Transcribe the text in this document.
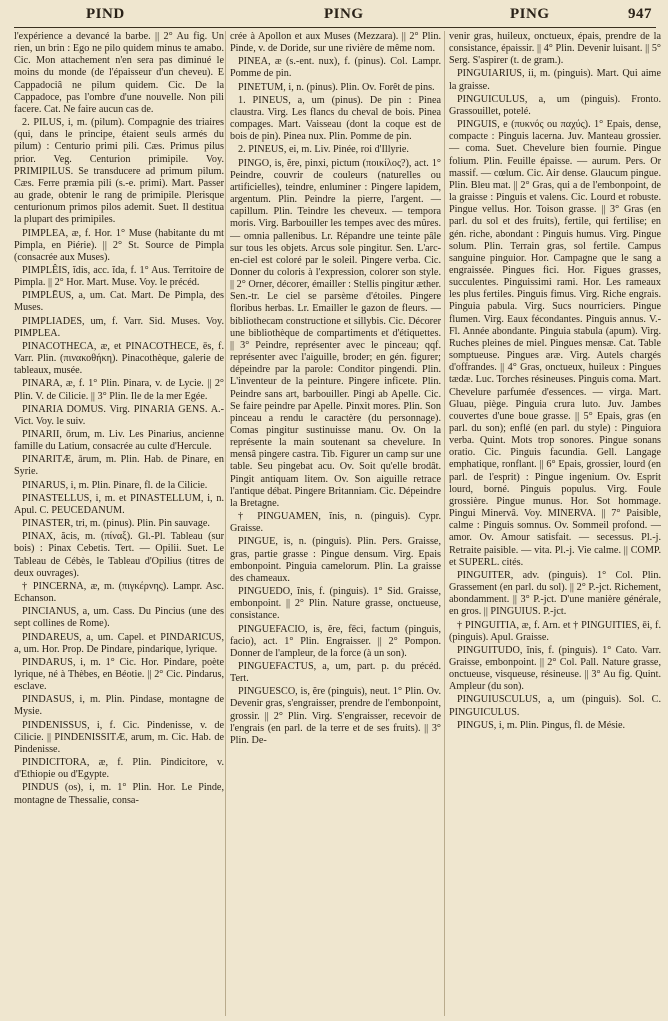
PIND	PING	PING	947

l'expérience a devancé la barbe. || 2° Au fig. Un rien, un brin : Ego ne pilo quidem minus te amabo. Cic. Mon attachement n'en sera pas diminué le moins du monde (de l'épaisseur d'un cheveu). E Cappadociâ ne pilum quidem. Cic. De la Cappadoce, pas l'ombre d'une nouvelle. Non pili facere. Cat. Ne faire aucun cas de.

2. PILUS, i, m. (pilum). Compagnie des triaires (qui, dans le principe, étaient seuls armés du pilum) : Centurio primi pili. Cæs. Primus pilus prior. Veg. Centurion primipile. Voy. PRIMIPILUS. Se transducere ad primum pilum. Cæs. Ferre præmia pili (s.-e. primi). Mart. Passer au grade, obtenir le rang de primipile. Plerisque centurionum primos pilos ademit. Suet. Il destitua la plupart des primipiles.

PIMPLEA, æ, f. Hor. 1° Muse (habitante du mt Pimpla, en Piérie). || 2° St. Source de Pimpla (consacrée aux Muses).

PIMPLÊIS, ĭdis, acc. ĭda, f. 1° Aus. Territoire de Pimpla. || 2° Hor. Mart. Muse. Voy. le précéd.

PIMPLĒUS, a, um. Cat. Mart. De Pimpla, des Muses.

PIMPLIADES, um, f. Varr. Sid. Muses. Voy. PIMPLEA.

PINACOTHECA, æ, et PINACOTHECE, ēs, f. Varr. Plin. (πινακοθήκη). Pinacothèque, galerie de tableaux, musée.

PINARA, æ, f. 1° Plin. Pinara, v. de Lycie. || 2° Plin. V. de Cilicie. || 3° Plin. Ile de la mer Egée.

PINARIA DOMUS. Virg. PINARIA GENS. A.-Vict. Voy. le suiv.

PINARII, ōrum, m. Liv. Les Pinarius, ancienne famille du Latium, consacrée au culte d'Hercule.

PINARITÆ, ārum, m. Plin. Hab. de Pinare, en Syrie.

PINARUS, i, m. Plin. Pinare, fl. de la Cilicie.

PINASTELLUS, i, m. et PINASTELLUM, i, n. Apul. C. PEUCEDANUM.

PINASTER, tri, m. (pinus). Plin. Pin sauvage.

PINAX, ăcis, m. (πίναξ). Gl.-Pl. Tableau (sur bois) : Pinax Cebetis. Tert. — Opilii. Suet. Le Tableau de Cébès, le Tableau d'Opilius (titres de deux ouvrages).

† PINCERNA, æ, m. (πιγκέρνης). Lampr. Asc. Echanson.

PINCIANUS, a, um. Cass. Du Pincius (une des sept collines de Rome).

PINDAREUS, a, um. Capel. et PINDARICUS, a, um. Hor. Prop. De Pindare, pindarique, lyrique.

PINDARUS, i, m. 1° Cic. Hor. Pindare, poète lyrique, né à Thèbes, en Béotie. || 2° Cic. Pindarus, esclave.

PINDASUS, i, m. Plin. Pindase, montagne de Mysie.

PINDENISSUS, i, f. Cic. Pindenisse, v. de Cilicie. || PINDENISSITÆ, arum, m. Cic. Hab. de Pindenisse.

PINDICITORA, æ, f. Plin. Pindicitore, v. d'Ethiopie ou d'Egypte.

PINDUS (os), i, m. 1° Plin. Hor. Le Pinde, montagne de Thessalie, consa-

crée à Apollon et aux Muses (Mezzara). || 2° Plin. Pinde, v. de Doride, sur une rivière de même nom.

PINEA, æ (s.-ent. nux), f. (pinus). Col. Lampr. Pomme de pin.

PINETUM, i, n. (pinus). Plin. Ov. Forêt de pins.

1. PINEUS, a, um (pinus). De pin : Pinea claustra. Virg. Les flancs du cheval de bois. Pinea compages. Mart. Vaisseau (dont la coque est de bois de pin). Pinea nux. Plin. Pomme de pin.

2. PINEUS, ei, m. Liv. Pinée, roi d'Illyrie.

PINGO, is, ĕre, pinxi, pictum (ποικίλος?), act. 1° Peindre, couvrir de couleurs (naturelles ou artificielles), teindre, enluminer : Pingere lapidem, argentum. Plin. Peindre la pierre, l'argent. — capillum. Plin. Teindre les cheveux. — tempora moris. Virg. Barbouiller les tempes avec des mûres. — omnia pallenibus. Lr. Répandre une teinte pâle sur tous les objets. Arcus sole pingitur. Sen. L'arc-en-ciel est coloré par le soleil. Pingere verba. Cic. Donner du coloris à l'expression, colorer son style. || 2° Orner, décorer, émailler : Stellis pingitur æther. Sen.-tr. Le ciel se parsème d'étoiles. Pingere floribus herbas. Lr. Emailler le gazon de fleurs. — bibliothecam constructione et sillybis. Cic. Décorer une bibliothèque de compartiments et d'étiquettes. || 3° Peindre, représenter avec le pinceau; qqf. représenter avec l'aiguille, broder; en gén. figurer; dépeindre par la parole: Conditor pingendi. Plin. L'inventeur de la peinture. Pingere inficete. Plin. Peindre sans art, barbouiller. Pingi ab Apelle. Cic. Se faire peindre par Apelle. Pinxit mores. Plin. Son pinceau a rendu le caractère (du personnage). Comas pingitur sustinuisse manu. Ov. On la représente la main soutenant sa chevelure. In mensâ pingere castra. Tib. Figurer un camp sur une table. Seu pingebat acu. Ov. Soit qu'elle brodât. Pingit antiquam litem. Ov. Son aiguille retrace l'antique débat. Pingere Britanniam. Cic. Dépeindre la Bretagne.

† PINGUAMEN, ĭnis, n. (pinguis). Cypr. Graisse.

PINGUE, is, n. (pinguis). Plin. Pers. Graisse, gras, partie grasse : Pingue densum. Virg. Epais embonpoint. Pinguia camelorum. Plin. La graisse des chameaux.

PINGUEDO, ĭnis, f. (pinguis). 1° Sid. Graisse, embonpoint. || 2° Plin. Nature grasse, onctueuse, consistance.

PINGUEFACIO, is, ĕre, fēci, factum (pinguis, facio), act. 1° Plin. Engraisser. || 2° Pompon. Donner de l'ampleur, de la force (à un son).

PINGUEFACTUS, a, um, part. p. du précéd. Tert.

PINGUESCO, is, ĕre (pinguis), neut. 1° Plin. Ov. Devenir gras, s'engraisser, prendre de l'embonpoint, grossir. || 2° Plin. Virg. S'engraisser, recevoir de l'engrais (en parl. de la terre et de ses fruits). || 3° Plin. De-

venir gras, huileux, onctueux, épais, prendre de la consistance, épaissir. || 4° Plin. Devenir luisant. || 5° Serg. S'aspirer (t. de gram.).

PINGUIARIUS, ii, m. (pinguis). Mart. Qui aime la graisse.

PINGUICULUS, a, um (pinguis). Fronto. Grassouillet, potelé.

PINGUIS, e (πυκνός ou παχύς). 1° Epais, dense, compacte : Pinguis lacerna. Juv. Manteau grossier. — coma. Suet. Chevelure bien fournie. Pingue folium. Plin. Feuille épaisse. — aurum. Pers. Or massif. — cœlum. Cic. Air dense. Glaucum pingue. Plin. Bleu mat. || 2° Gras, qui a de l'embonpoint, de la graisse : Pinguis et valens. Cic. Lourd et robuste. Pingue vellus. Hor. Toison grasse. || 3° Gras (en parl. du sol et des fruits), fertile, qui fertilise; en gén. riche, abondant : Pinguis humus. Virg. Pingue solum. Plin. Terrain gras, sol fertile. Campus sanguine pinguior. Hor. Campagne que le sang a engraissée. Pingues fici. Hor. Figues grasses, succulentes. Pinguissimi rami. Hor. Les rameaux les plus fertiles. Pinguis fimus. Virg. Riche engrais. Pinguia pabula. Virg. Sucs nourriciers. Pingue flumen. Virg. Eaux fécondantes. Pinguis annus. V.-Fl. Année abondante. Pinguia stabula (apum). Virg. Ruches pleines de miel. Pingues mensæ. Cat. Table somptueuse. Pingues aræ. Virg. Autels chargés d'offrandes. || 4° Gras, onctueux, huileux : Pingues tædæ. Luc. Torches résineuses. Pinguis coma. Mart. Chevelure parfumée d'essences. — virga. Mart. Gluau, piège. Pinguia crura luto. Juv. Jambes couvertes d'une boue grasse. || 5° Epais, gras (en parl. du son); enflé (en parl. du style) : Pinguiora verba. Quint. Mots trop sonores. Pingue sonans oratio. Cic. Pinguis facundia. Gell. Langage emphatique, ronflant. || 6° Epais, grossier, lourd (en parl. de l'esprit) : Pingue ingenium. Ov. Esprit lourd, borné. Pinguis populus. Virg. Foule grossière. Pingue munus. Hor. Sot hommage. Pingui Minervâ. Voy. MINERVA. || 7° Paisible, calme : Pinguis somnus. Ov. Sommeil profond. — amor. Ov. Amour satisfait. — secessus. Pl.-j. Retraite paisible. — vita. Pl.-j. Vie calme. || COMP. et SUPERL. cités.

PINGUITER, adv. (pinguis). 1° Col. Plin. Grassement (en parl. du sol). || 2° P.-jct. Richement, abondamment. || 3° P.-jct. D'une manière générale, en gros. || PINGUIUS. P.-jct.

† PINGUITIA, æ, f. Arn. et † PINGUITIES, ēi, f. (pinguis). Apul. Graisse.

PINGUITUDO, ĭnis, f. (pinguis). 1° Cato. Varr. Graisse, embonpoint. || 2° Col. Pall. Nature grasse, onctueuse, visqueuse, résineuse. || 3° Au fig. Quint. Ampleur (du son).

PINGUIUSCULUS, a, um (pinguis). Sol. C. PINGUICULUS.

PINGUS, i, m. Plin. Pingus, fl. de Mésie.
